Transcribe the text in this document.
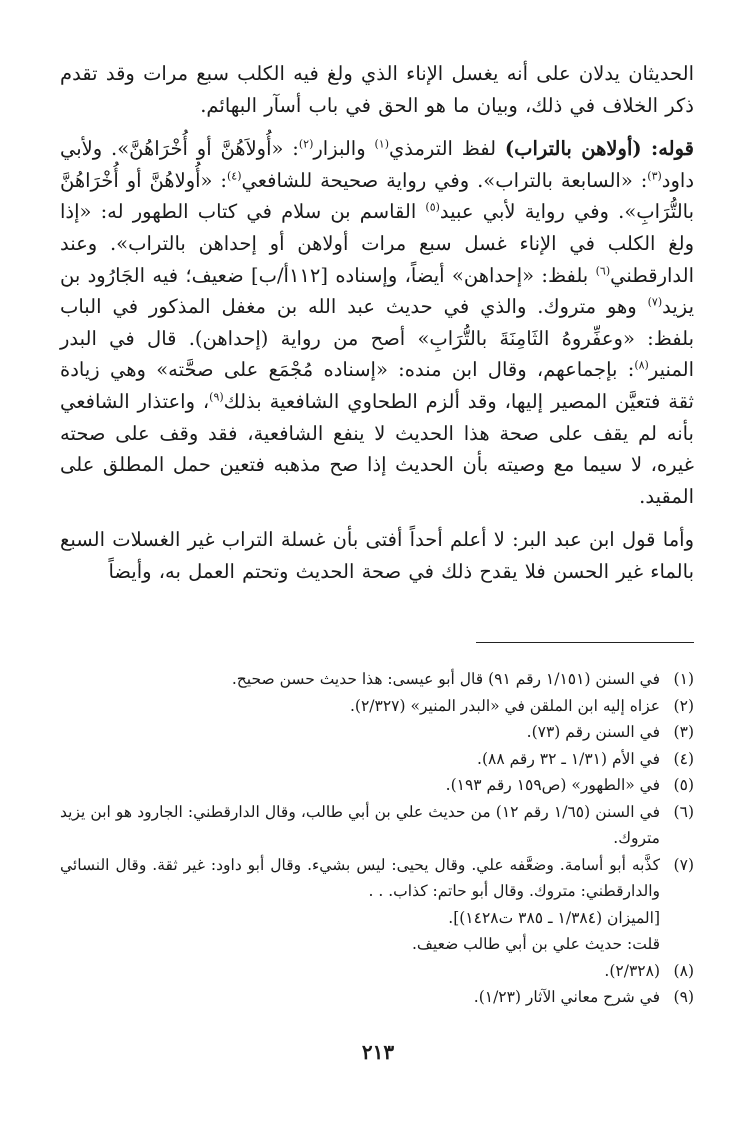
الحديثان يدلان على أنه يغسل الإناء الذي ولغ فيه الكلب سبع مرات وقد تقدم ذكر الخلاف في ذلك، وبيان ما هو الحق في باب أسآر البهائم.

قوله: (أولاهن بالتراب) لفظ الترمذي$^{(١)}$ والبزار$^{(٢)}$: «أُولاَهُنَّ أو أُخْرَاهُنَّ». ولأبي داود$^{(٣)}$: «السابعة بالتراب». وفي رواية صحيحة للشافعي$^{(٤)}$: «أُولاهُنَّ أو أُخْرَاهُنَّ بالتُّرَابِ». وفي رواية لأبي عبيد$^{(٥)}$ القاسم بن سلام في كتاب الطهور له: «إذا ولغ الكلب في الإناء غسل سبع مرات أولاهن أو إحداهن بالتراب». وعند الدارقطني$^{(٦)}$ بلفظ: «إحداهن» أيضاً، وإسناده [١١٢أ/ب] ضعيف؛ فيه الجَارُود بن يزيد$^{(٧)}$ وهو متروك. والذي في حديث عبد الله بن مغفل المذكور في الباب بلفظ: «وعفِّروهُ الثَامِنَةَ بالتُّرَابِ» أصح من رواية (إحداهن). قال في البدر المنير$^{(٨)}$: بإجماعهم، وقال ابن منده: «إسناده مُجْمَع على صحَّته» وهي زيادة ثقة فتعيَّن المصير إليها، وقد ألزم الطحاوي الشافعية بذلك$^{(٩)}$، واعتذار الشافعي بأنه لم يقف على صحة هذا الحديث لا ينفع الشافعية، فقد وقف على صحته غيره، لا سيما مع وصيته بأن الحديث إذا صح مذهبه فتعين حمل المطلق على المقيد.

وأما قول ابن عبد البر: لا أعلم أحداً أفتى بأن غسلة التراب غير الغسلات السبع بالماء غير الحسن فلا يقدح ذلك في صحة الحديث وتحتم العمل به، وأيضاً

(١)
في السنن (١/١٥١ رقم ٩١) قال أبو عيسى: هذا حديث حسن صحيح.
(٢)
عزاه إليه ابن الملقن في «البدر المنير» (٢/٣٢٧).
(٣)
في السنن رقم (٧٣).
(٤)
في الأم (١/٣١ ـ ٣٢ رقم ٨٨).
(٥)
في «الطهور» (ص١٥٩ رقم ١٩٣).
(٦)
في السنن (١/٦٥ رقم ١٢) من حديث علي بن أبي طالب، وقال الدارقطني: الجارود هو ابن يزيد متروك.
(٧)
كذَّبه أبو أسامة. وضعَّفه علي. وقال يحيى: ليس بشيء. وقال أبو داود: غير ثقة. وقال النسائي والدارقطني: متروك. وقال أبو حاتم: كذاب. . .
[الميزان (١/٣٨٤ ـ ٣٨٥ ت١٤٢٨)].
قلت: حديث علي بن أبي طالب ضعيف.
(٨)
(٢/٣٢٨).
(٩)
في شرح معاني الآثار (١/٢٣).
٢١٣
